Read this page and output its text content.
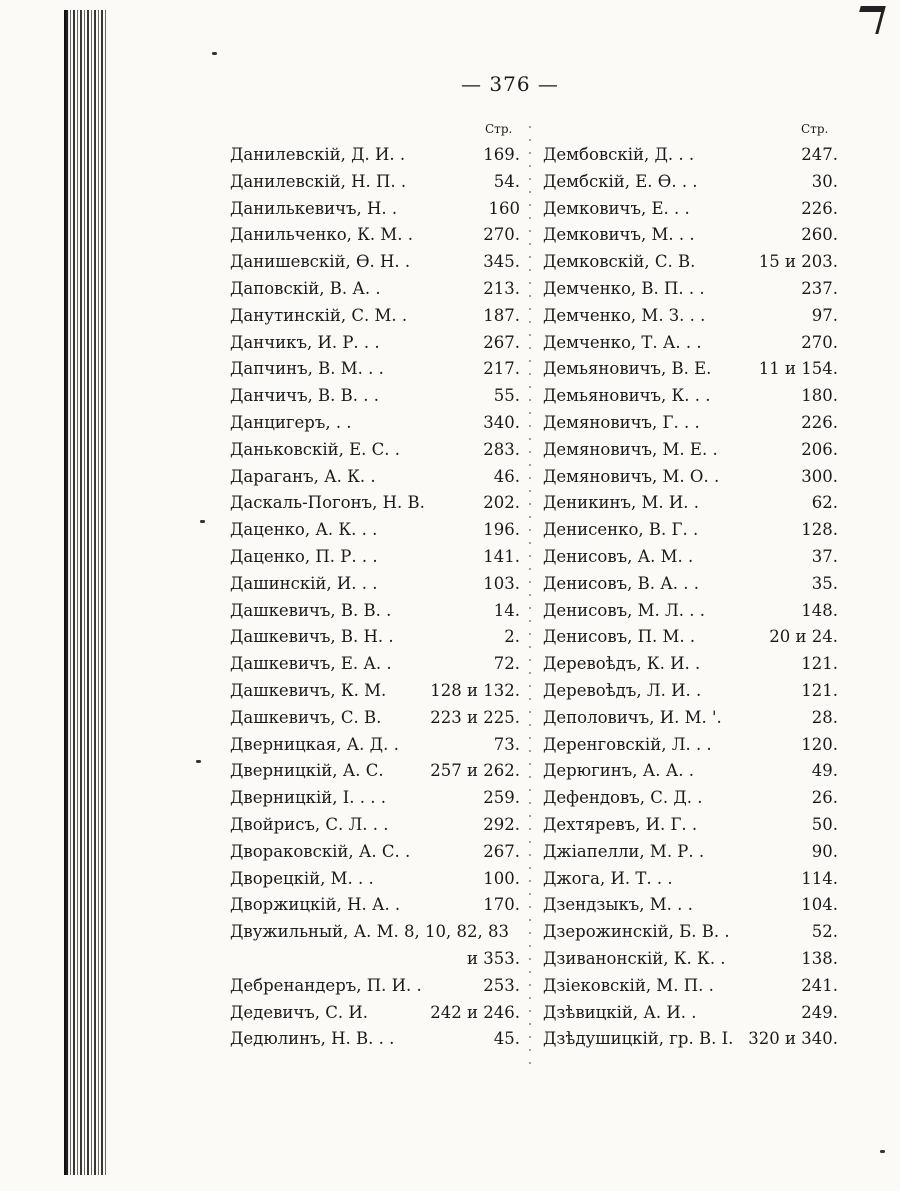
— 376 —
Стр.	Стр.
Данилевскій, Д. И. .	169.
Данилевскій, Н. П. .	54.
Данилькевичъ, Н. .	160
Данильченко, К. М. .	270.
Данишевскій, Ѳ. Н. .	345.
Даповскій, В. А. .	213.
Данутинскій, С. М. .	187.
Данчикъ, И. Р. . .	267.
Дапчинъ, В. М. . .	217.
Данчичъ, В. В. . .	55.
Данцигеръ, . .	340.
Даньковскій, Е. С. .	283.
Дараганъ, А. К. .	46.
Даскаль-Погонъ, Н. В.	202.
Даценко, А. К. . .	196.
Даценко, П. Р. . .	141.
Дашинскій, И. . .	103.
Дашкевичъ, В. В. .	14.
Дашкевичъ, В. Н. .	2.
Дашкевичъ, Е. А. .	72.
Дашкевичъ, К. М.	128 и 132.
Дашкевичъ, С. В.	223 и 225.
Дверницкая, А. Д. .	73.
Дверницкій, А. С.	257 и 262.
Дверницкій, I. . . .	259.
Двойрисъ, С. Л. . .	292.
Двораковскій, А. С. .	267.
Дворецкій, М. . .	100.
Дворжицкій, Н. А. .	170.
Двужильный, А. М. 8, 10, 82, 83
и 353.
Дебренандеръ, П. И. .	253.
Дедевичъ, С. И.	242 и 246.
Дедюлинъ, Н. В. . .	45.
Дембовскій, Д. . .	247.
Дембскій, Е. Ѳ. . .	30.
Демковичъ, Е. . .	226.
Демковичъ, М. . .	260.
Демковскій, С. В.	15 и 203.
Демченко, В. П. . .	237.
Демченко, М. З. . .	97.
Демченко, Т. А. . .	270.
Демьяновичъ, В. Е.	11 и 154.
Демьяновичъ, К. . .	180.
Демяновичъ, Г. . .	226.
Демяновичъ, М. Е. .	206.
Демяновичъ, М. О. .	300.
Деникинъ, М. И. .	62.
Денисенко, В. Г. .	128.
Денисовъ, А. М. .	37.
Денисовъ, В. А. . .	35.
Денисовъ, М. Л. . .	148.
Денисовъ, П. М. .	20 и 24.
Деревоѣдъ, К. И. .	121.
Деревоѣдъ, Л. И. .	121.
Деполовичъ, И. М. '.	28.
Деренговскій, Л. . .	120.
Дерюгинъ, А. А. .	49.
Дефендовъ, С. Д. .	26.
Дехтяревъ, И. Г. .	50.
Джіапелли, М. Р. .	90.
Джога, И. Т. . .	114.
Дзендзыкъ, М. . .	104.
Дзерожинскій, Б. В. .	52.
Дзиванонскій, К. К. .	138.
Дзіековскій, М. П. .	241.
Дзѣвицкій, А. И. .	249.
Дзѣдушицкій, гр. В. I. 320 и 340.
